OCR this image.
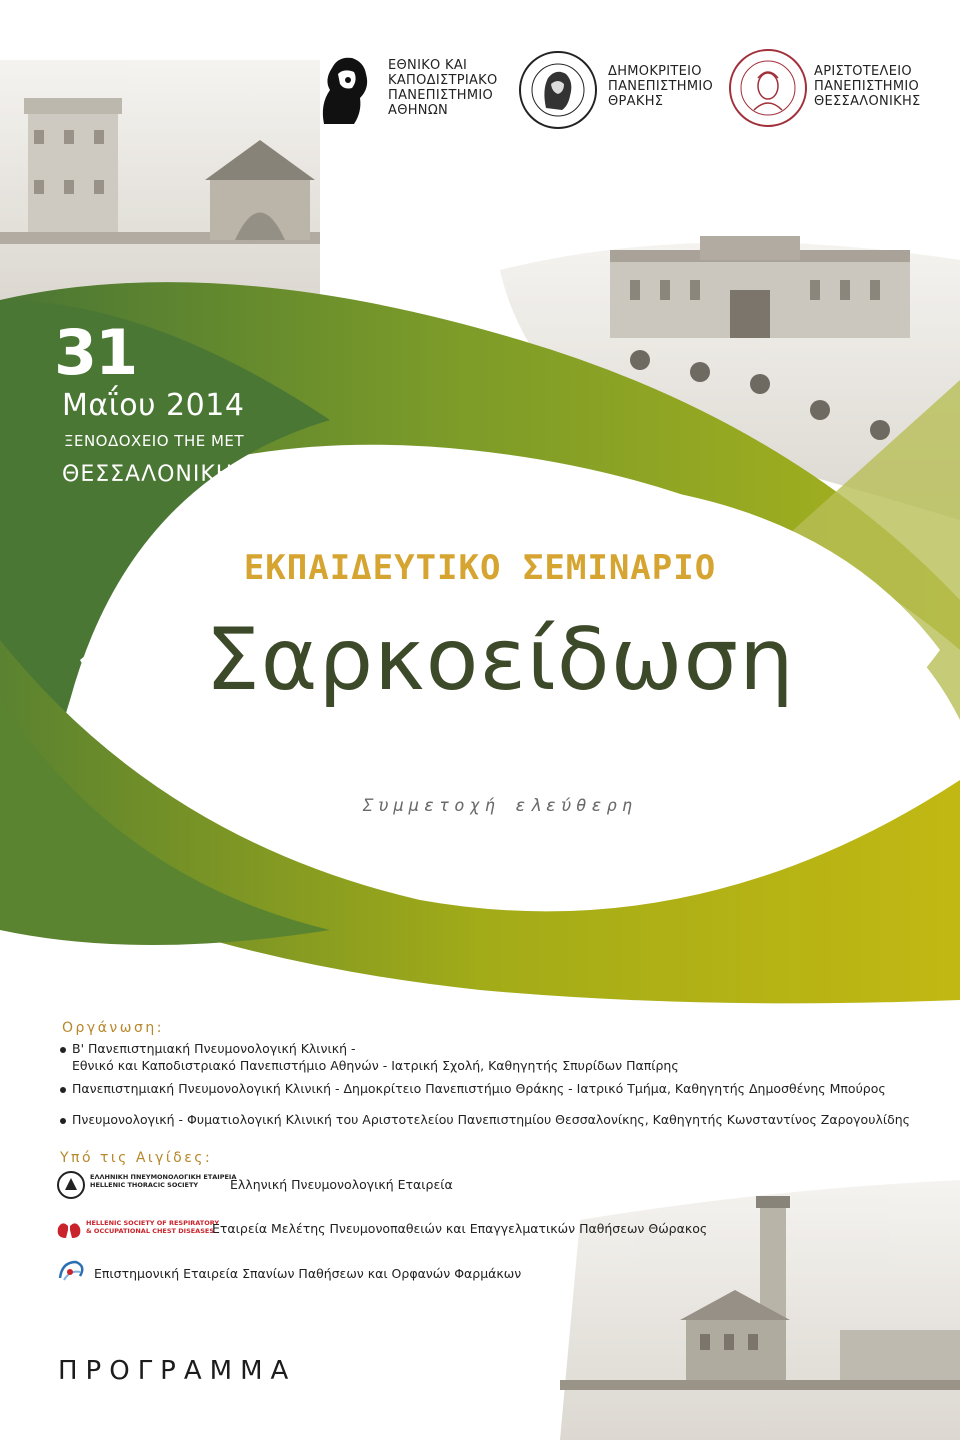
ΕΘΝΙΚΟ ΚΑΙ
ΚΑΠΟΔΙΣΤΡΙΑΚΟ
ΠΑΝΕΠΙΣΤΗΜΙΟ
ΑΘΗΝΩΝ
ΔΗΜΟΚΡΙΤΕΙΟ
ΠΑΝΕΠΙΣΤΗΜΙΟ
ΘΡΑΚΗΣ
ΑΡΙΣΤΟΤΕΛΕΙΟ
ΠΑΝΕΠΙΣΤΗΜΙΟ
ΘΕΣΣΑΛΟΝΙΚΗΣ
31
Μαΐου 2014
ΞΕΝΟΔΟΧΕΙΟ THE MET
ΘΕΣΣΑΛΟΝΙΚΗ
ΕΚΠΑΙΔΕΥΤΙΚΟ ΣΕΜΙΝΑΡΙΟ
Σαρκοείδωση
Συμμετοχή ελεύθερη
Οργάνωση:
Β' Πανεπιστημιακή Πνευμονολογική Κλινική -
Εθνικό και Καποδιστριακό Πανεπιστήμιο Αθηνών - Ιατρική Σχολή, Καθηγητής Σπυρίδων Παπίρης
Πανεπιστημιακή Πνευμονολογική Κλινική - Δημοκρίτειο Πανεπιστήμιο Θράκης - Ιατρικό Τμήμα, Καθηγητής Δημοσθένης Μπούρος
Πνευμονολογική - Φυματιολογική Κλινική του Αριστοτελείου Πανεπιστημίου Θεσσαλονίκης, Καθηγητής Κωνσταντίνος Ζαρογουλίδης
Υπό τις Αιγίδες:
ΕΛΛΗΝΙΚΗ ΠΝΕΥΜΟΝΟΛΟΓΙΚΗ ΕΤΑΙΡΕΙΑ
HELLENIC THORACIC SOCIETY	Ελληνική Πνευμονολογική Εταιρεία
HELLENIC SOCIETY OF RESPIRATORY
& OCCUPATIONAL CHEST DISEASES
Εταιρεία Μελέτης Πνευμονοπαθειών και Επαγγελματικών Παθήσεων Θώρακος
Επιστημονική Εταιρεία Σπανίων Παθήσεων και Ορφανών Φαρμάκων
ΠΡΟΓΡΑΜΜΑ
